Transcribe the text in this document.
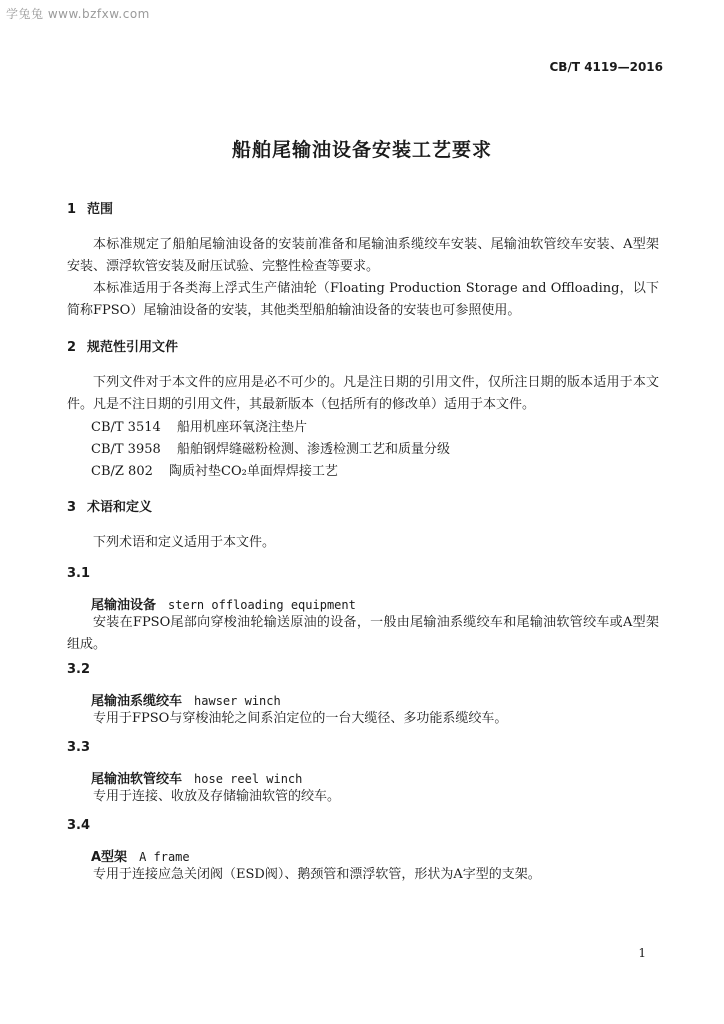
学兔兔 www.bzfxw.com
CB/T 4119—2016
船舶尾输油设备安装工艺要求
1 范围
本标准规定了船舶尾输油设备的安装前准备和尾输油系缆绞车安装、尾输油软管绞车安装、A型架安装、漂浮软管安装及耐压试验、完整性检查等要求。
本标准适用于各类海上浮式生产储油轮（Floating Production Storage and Offloading，以下简称FPSO）尾输油设备的安装，其他类型船舶输油设备的安装也可参照使用。
2 规范性引用文件
下列文件对于本文件的应用是必不可少的。凡是注日期的引用文件，仅所注日期的版本适用于本文件。凡是不注日期的引用文件，其最新版本（包括所有的修改单）适用于本文件。
CB/T 3514 船用机座环氧浇注垫片
CB/T 3958 船舶钢焊缝磁粉检测、渗透检测工艺和质量分级
CB/Z 802 陶质衬垫CO₂单面焊焊接工艺
3 术语和定义
下列术语和定义适用于本文件。
3.1
尾输油设备 stern offloading equipment
安装在FPSO尾部向穿梭油轮输送原油的设备，一般由尾输油系缆绞车和尾输油软管绞车或A型架组成。
3.2
尾输油系缆绞车 hawser winch
专用于FPSO与穿梭油轮之间系泊定位的一台大缆径、多功能系缆绞车。
3.3
尾输油软管绞车 hose reel winch
专用于连接、收放及存储输油软管的绞车。
3.4
A型架 A frame
专用于连接应急关闭阀（ESD阀）、鹅颈管和漂浮软管，形状为A字型的支架。
1
